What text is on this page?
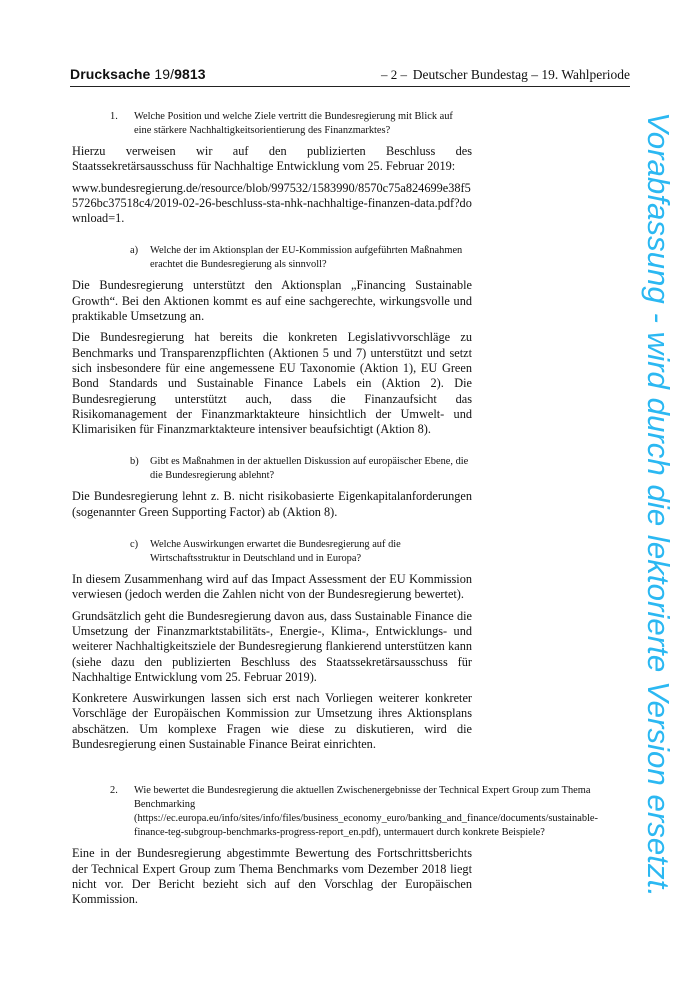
Drucksache 19/9813	– 2 – Deutscher Bundestag – 19. Wahlperiode
1.	Welche Position und welche Ziele vertritt die Bundesregierung mit Blick auf eine stärkere Nachhaltigkeitsorientierung des Finanzmarktes?

Hierzu verweisen wir auf den publizierten Beschluss des Staatssekretärsausschuss für Nachhaltige Entwicklung vom 25. Februar 2019:

www.bundesregierung.de/resource/blob/997532/1583990/8570c75a824699e38f55726bc37518c4/2019-02-26-beschluss-sta-nhk-nachhaltige-finanzen-data.pdf?download=1.

a)	Welche der im Aktionsplan der EU-Kommission aufgeführten Maßnahmen erachtet die Bundesregierung als sinnvoll?

Die Bundesregierung unterstützt den Aktionsplan „Financing Sustainable Growth“. Bei den Aktionen kommt es auf eine sachgerechte, wirkungsvolle und praktikable Umsetzung an.

Die Bundesregierung hat bereits die konkreten Legislativvorschläge zu Benchmarks und Transparenzpflichten (Aktionen 5 und 7) unterstützt und setzt sich insbesondere für eine angemessene EU Taxonomie (Aktion 1), EU Green Bond Standards und Sustainable Finance Labels ein (Aktion 2). Die Bundesregierung unterstützt auch, dass die Finanzaufsicht das Risikomanagement der Finanzmarktakteure hinsichtlich der Umwelt- und Klimarisiken für Finanzmarktakteure intensiver beaufsichtigt (Aktion 8).

b)	Gibt es Maßnahmen in der aktuellen Diskussion auf europäischer Ebene, die die Bundesregierung ablehnt?

Die Bundesregierung lehnt z. B. nicht risikobasierte Eigenkapitalanforderungen (sogenannter Green Supporting Factor) ab (Aktion 8).

c)	Welche Auswirkungen erwartet die Bundesregierung auf die Wirtschaftsstruktur in Deutschland und in Europa?

In diesem Zusammenhang wird auf das Impact Assessment der EU Kommission verwiesen (jedoch werden die Zahlen nicht von der Bundesregierung bewertet).

Grundsätzlich geht die Bundesregierung davon aus, dass Sustainable Finance die Umsetzung der Finanzmarktstabilitäts-, Energie-, Klima-, Entwicklungs- und weiterer Nachhaltigkeitsziele der Bundesregierung flankierend unterstützen kann (siehe dazu den publizierten Beschluss des Staatssekretärsausschuss für Nachhaltige Entwicklung vom 25. Februar 2019).

Konkretere Auswirkungen lassen sich erst nach Vorliegen weiterer konkreter Vorschläge der Europäischen Kommission zur Umsetzung ihres Aktionsplans abschätzen. Um komplexe Fragen wie diese zu diskutieren, wird die Bundesregierung einen Sustainable Finance Beirat einrichten.

2.	Wie bewertet die Bundesregierung die aktuellen Zwischenergebnisse der Technical Expert Group zum Thema Benchmarking (https://ec.europa.eu/info/sites/info/files/business_economy_euro/banking_and_finance/documents/sustainable-finance-teg-subgroup-benchmarks-progress-report_en.pdf), untermauert durch konkrete Beispiele?

Eine in der Bundesregierung abgestimmte Bewertung des Fortschrittsberichts der Technical Expert Group zum Thema Benchmarks vom Dezember 2018 liegt nicht vor. Der Bericht bezieht sich auf den Vorschlag der Europäischen Kommission.

Vorabfassung - wird durch die lektorierte Version ersetzt.
